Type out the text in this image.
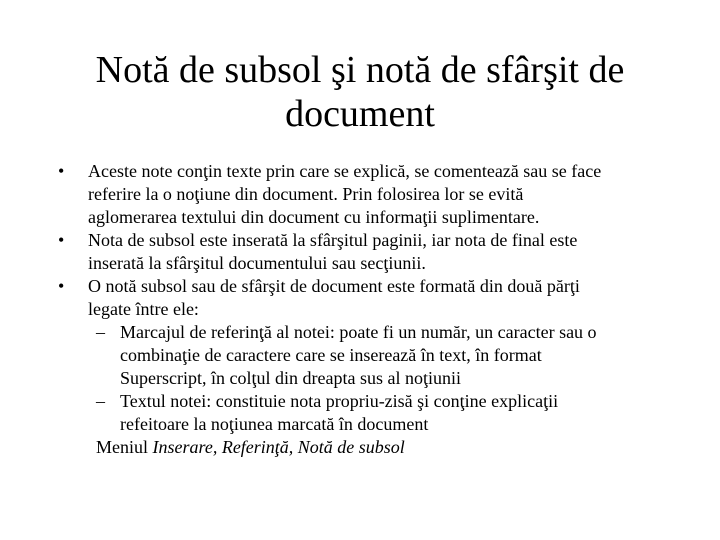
Notă de subsol şi notă de sfârşit de
document

• Aceste note conţin texte prin care se explică, se comentează sau se face
referire la o noţiune din document. Prin folosirea lor se evită
aglomerarea textului din document cu informaţii suplimentare.

• Nota de subsol este inserată la sfârşitul paginii, iar nota de final este
inserată la sfârşitul documentului sau secţiunii.

• O notă subsol sau de sfârşit de document este formată din două părţi
legate între ele:

– Marcajul de referinţă al notei: poate fi un număr, un caracter sau o
combinaţie de caractere care se inserează în text, în format
Superscript, în colţul din dreapta sus al noţiunii

– Textul notei: constituie nota propriu-zisă şi conţine explicaţii
refeitoare la noţiunea marcată în document

Meniul Inserare, Referinţă, Notă de subsol
